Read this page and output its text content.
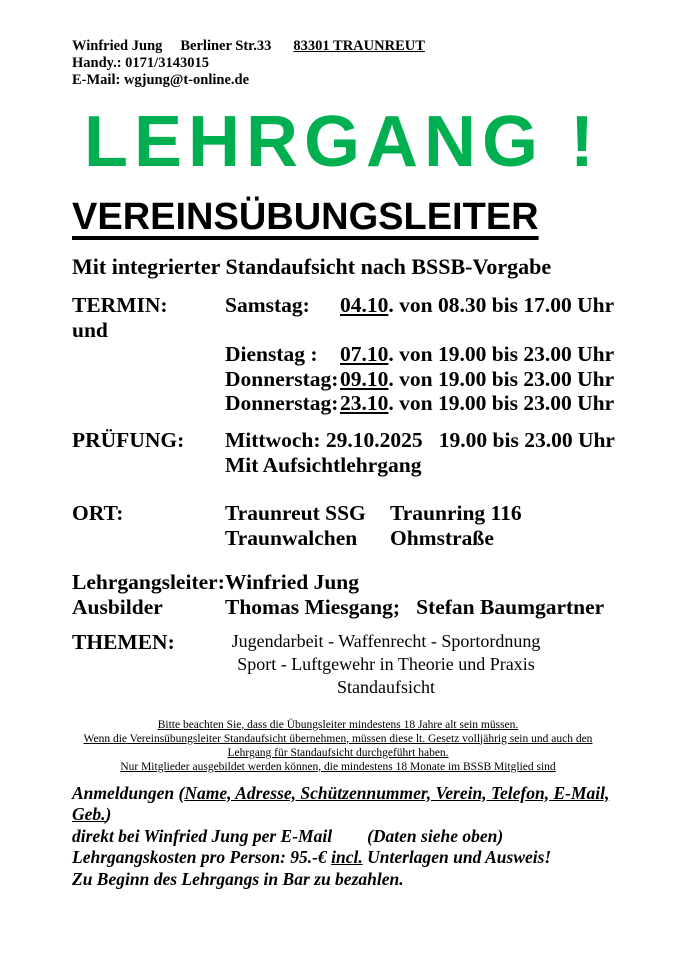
Winfried Jung Berliner Str.33 83301 TRAUNREUT
Handy.: 0171/3143015
E-Mail: wgjung@t-online.de
LEHRGANG !
VEREINSÜBUNGSLEITER
Mit integrierter Standaufsicht nach BSSB-Vorgabe
TERMIN:	Samstag:	04.10. von 08.30 bis 17.00 Uhr
und
Dienstag :	07.10. von 19.00 bis 23.00 Uhr
Donnerstag: 09.10. von 19.00 bis 23.00 Uhr
Donnerstag: 23.10. von 19.00 bis 23.00 Uhr
PRÜFUNG:	Mittwoch: 29.10.2025   19.00 bis 23.00 Uhr
Mit Aufsichtlehrgang
ORT:	Traunreut SSG	Traunring 116
Traunwalchen	Ohmstraße
Lehrgangsleiter: Winfried Jung
Ausbilder	Thomas Miesgang;   Stefan Baumgartner
THEMEN:	Jugendarbeit - Waffenrecht - Sportordnung
Sport - Luftgewehr in Theorie und Praxis
Standaufsicht
Bitte beachten Sie, dass die Übungsleiter mindestens 18 Jahre alt sein müssen.
Wenn die Vereinsübungsleiter Standaufsicht übernehmen, müssen diese lt. Gesetz volljährig sein und auch den
Lehrgang für Standaufsicht durchgeführt haben.
Nur Mitglieder ausgebildet werden können, die mindestens 18 Monate im BSSB Mitglied sind
Anmeldungen (Name, Adresse, Schützennummer, Verein, Telefon, E-Mail, Geb.)
direkt bei Winfried Jung per E-Mail        (Daten siehe oben)
Lehrgangskosten pro Person: 95.-€ incl. Unterlagen und Ausweis!
Zu Beginn des Lehrgangs in Bar zu bezahlen.
